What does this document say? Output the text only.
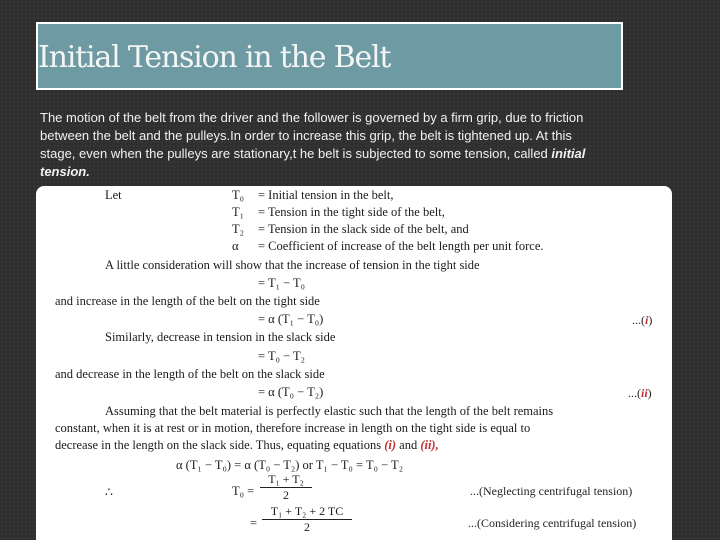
Initial Tension in the Belt
The motion of the belt from the driver and the follower is governed by a firm grip, due to friction between the belt and the pulleys.In order to increase this grip, the belt is tightened up. At this stage, even when the pulleys are stationary,t he belt is subjected to some tension, called initial tension.
Let	T₀ = Initial tension in the belt,
T₁ = Tension in the tight side of the belt,
T₂ = Tension in the slack side of the belt, and
α = Coefficient of increase of the belt length per unit force.
A little consideration will show that the increase of tension in the tight side
= T₁ − T₀
and increase in the length of the belt on the tight side
= α (T₁ − T₀)	...(i)
Similarly, decrease in tension in the slack side
= T₀ − T₂
and decrease in the length of the belt on the slack side
= α (T₀ − T₂)	...(ii)
Assuming that the belt material is perfectly elastic such that the length of the belt remains
constant, when it is at rest or in motion, therefore increase in length on the tight side is equal to
decrease in the length on the slack side. Thus, equating equations (i) and (ii),
α (T₁ − T₀) = α (T₀ − T₂) or T₁ − T₀ = T₀ − T₂
∴	$T_0 = \frac{\text{T₁ + T₂}}{2}$	...(Neglecting centrifugal tension)
= $\frac{\text{T₁ + T₂ + 2 TC}}{2}$	...(Considering centrifugal tension)
